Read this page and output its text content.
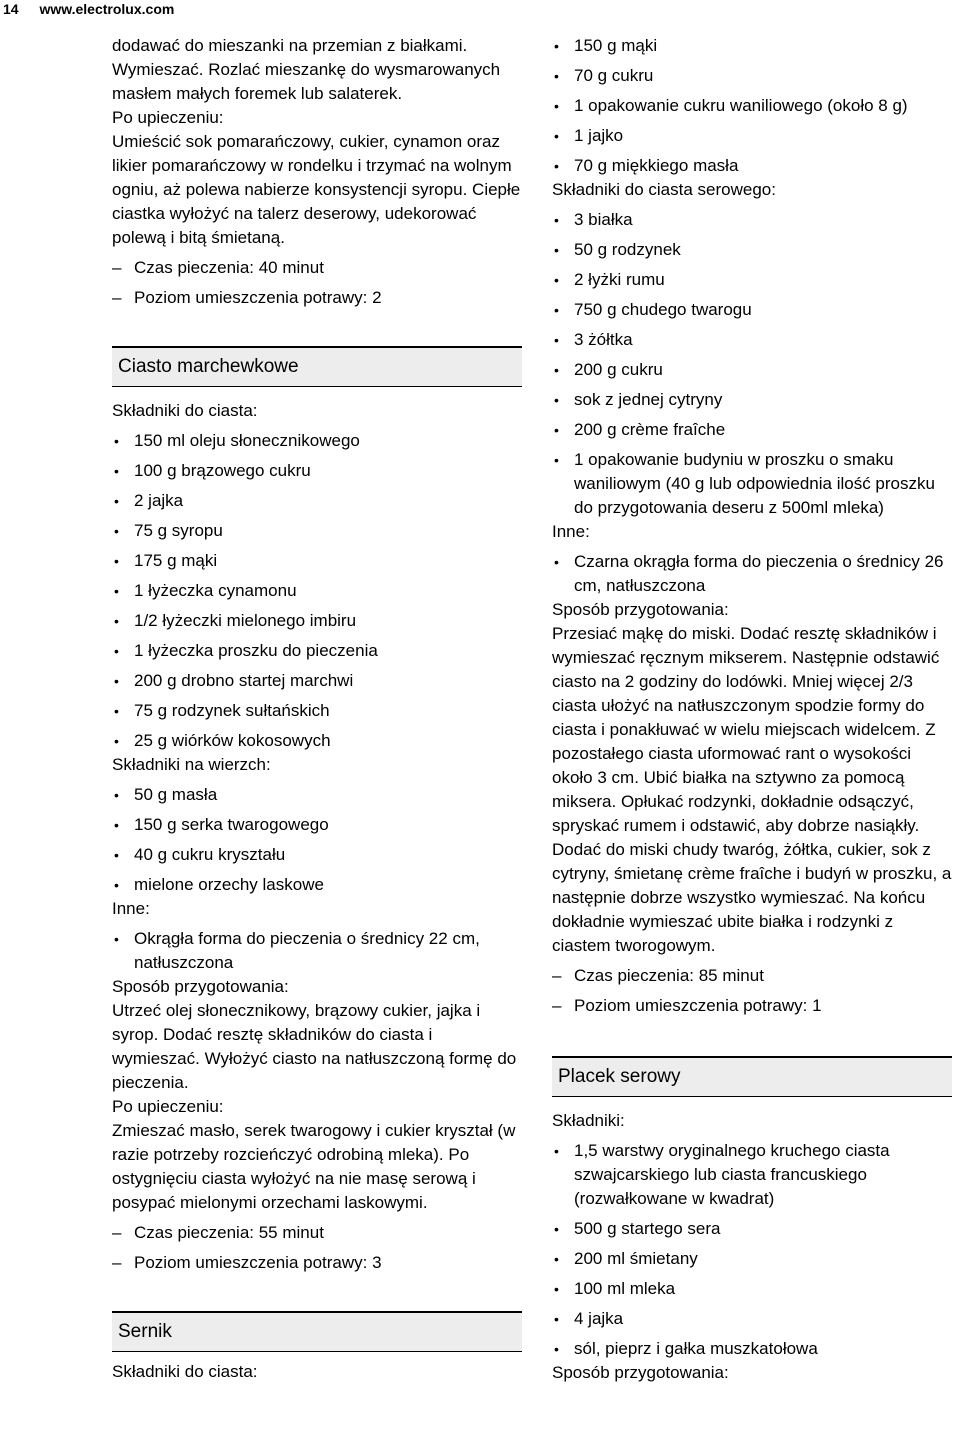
14 www.electrolux.com

dodawać do mieszanki na przemian z białkami. Wymieszać. Rozlać mieszankę do wysmarowanych masłem małych foremek lub salaterek.

Po upieczeniu:

Umieścić sok pomarańczowy, cukier, cynamon oraz likier pomarańczowy w rondelku i trzymać na wolnym ogniu, aż polewa nabierze konsystencji syropu. Ciepłe ciastka wyłożyć na talerz deserowy, udekorować polewą i bitą śmietaną.

– Czas pieczenia: 40 minut
– Poziom umieszczenia potrawy: 2
Ciasto marchewkowe
Składniki do ciasta:
• 150 ml oleju słonecznikowego
• 100 g brązowego cukru
• 2 jajka
• 75 g syropu
• 175 g mąki
• 1 łyżeczka cynamonu
• 1/2 łyżeczki mielonego imbiru
• 1 łyżeczka proszku do pieczenia
• 200 g drobno startej marchwi
• 75 g rodzynek sułtańskich
• 25 g wiórków kokosowych
Składniki na wierzch:
• 50 g masła
• 150 g serka twarogowego
• 40 g cukru kryształu
• mielone orzechy laskowe
Inne:
• Okrągła forma do pieczenia o średnicy 22 cm, natłuszczona
Sposób przygotowania:

Utrzeć olej słonecznikowy, brązowy cukier, jajka i syrop. Dodać resztę składników do ciasta i wymieszać. Wyłożyć ciasto na natłuszczoną formę do pieczenia.

Po upieczeniu:

Zmieszać masło, serek twarogowy i cukier kryształ (w razie potrzeby rozcieńczyć odrobiną mleka). Po ostygnięciu ciasta wyłożyć na nie masę serową i posypać mielonymi orzechami laskowymi.

– Czas pieczenia: 55 minut
– Poziom umieszczenia potrawy: 3
Sernik
Składniki do ciasta:
• 150 g mąki
• 70 g cukru
• 1 opakowanie cukru waniliowego (około 8 g)
• 1 jajko
• 70 g miękkiego masła
Składniki do ciasta serowego:
• 3 białka
• 50 g rodzynek
• 2 łyżki rumu
• 750 g chudego twarogu
• 3 żółtka
• 200 g cukru
• sok z jednej cytryny
• 200 g crème fraîche
• 1 opakowanie budyniu w proszku o smaku waniliowym (40 g lub odpowiednia ilość proszku do przygotowania deseru z 500ml mleka)
Inne:
• Czarna okrągła forma do pieczenia o średnicy 26 cm, natłuszczona
Sposób przygotowania:

Przesiać mąkę do miski. Dodać resztę składników i wymieszać ręcznym mikserem. Następnie odstawić ciasto na 2 godziny do lodówki. Mniej więcej 2/3 ciasta ułożyć na natłuszczonym spodzie formy do ciasta i ponakłuwać w wielu miejscach widelcem. Z pozostałego ciasta uformować rant o wysokości około 3 cm. Ubić białka na sztywno za pomocą miksera. Opłukać rodzynki, dokładnie odsączyć, spryskać rumem i odstawić, aby dobrze nasiąkły. Dodać do miski chudy twaróg, żółtka, cukier, sok z cytryny, śmietanę crème fraîche i budyń w proszku, a następnie dobrze wszystko wymieszać. Na końcu dokładnie wymieszać ubite białka i rodzynki z ciastem tworogowym.

– Czas pieczenia: 85 minut
– Poziom umieszczenia potrawy: 1
Placek serowy
Składniki:
• 1,5 warstwy oryginalnego kruchego ciasta szwajcarskiego lub ciasta francuskiego (rozwałkowane w kwadrat)
• 500 g startego sera
• 200 ml śmietany
• 100 ml mleka
• 4 jajka
• sól, pieprz i gałka muszkatołowa
Sposób przygotowania:
